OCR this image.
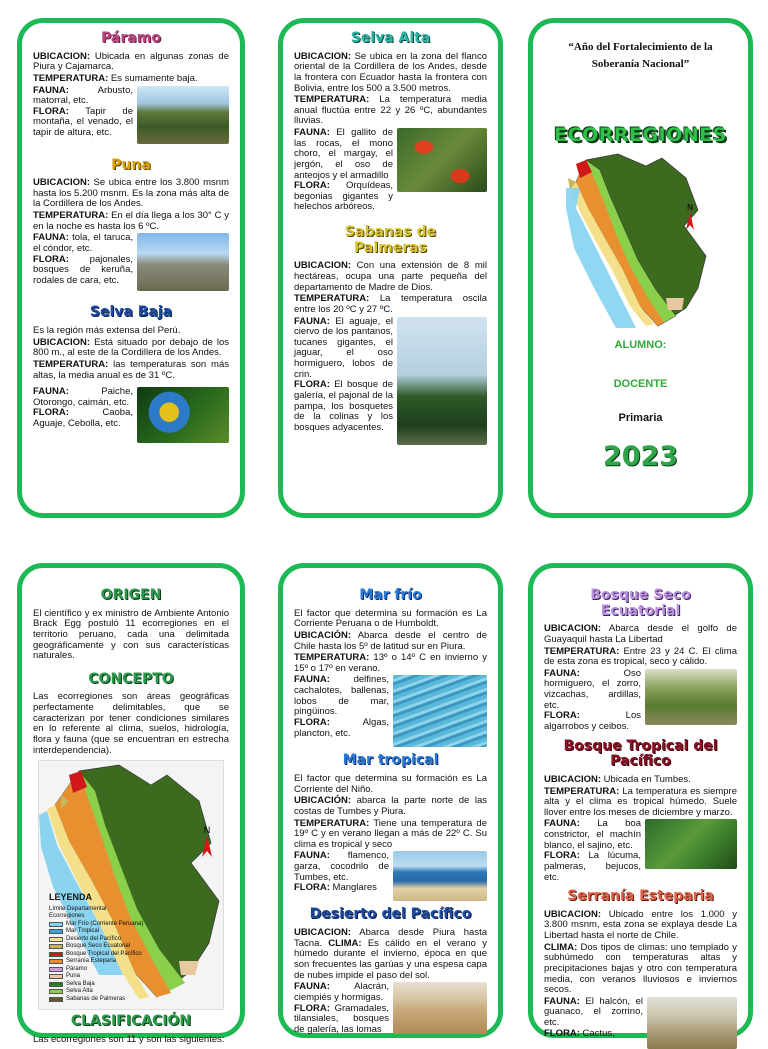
Páramo

UBICACION: Ubicada en algunas zonas de Piura y Cajamarca.

TEMPERATURA: Es sumamente baja.

FAUNA: Arbusto, matorral, etc.

FLORA: Tapir de montaña, el venado, el tapir de altura, etc.

Puna

UBICACION: Se ubica entre los 3.800 msnm hasta los 5.200 msnm. Es la zona más alta de la Cordillera de los Andes.

TEMPERATURA: En el día llega a los 30° C y en la noche es hasta los 6 ºC.

FAUNA: tola, el taruca, el cóndor, etc.

FLORA: pajonales, bosques de keruña, rodales de cara, etc.

Selva Baja

Es la región más extensa del Perú.

UBICACION: Está situado por debajo de los 800 m., al este de la Cordillera de los Andes.

TEMPERATURA: las temperaturas son más altas, la media anual es de 31 ºC.

FAUNA: Paiche, Otorongo, caimán, etc.

FLORA: Caoba, Aguaje, Cebolla, etc.

Selva Alta

UBICACION: Se ubica en la zona del flanco oriental de la Cordillera de los Andes, desde la frontera con Ecuador hasta la frontera con Bolivia, entre los 500 a 3.500 metros.

TEMPERATURA: La temperatura media anual fluctúa entre 22 y 26 ºC, abundantes lluvias.

FAUNA: El gallito de las rocas, el mono choro, el margay, el jergón, el oso de anteojos y el armadillo

FLORA: Orquídeas, begonias gigantes y helechos arbóreos.

Sabanas de
Palmeras

UBICACION: Con una extensión de 8 mil hectáreas, ocupa una parte pequeña del departamento de Madre de Dios.

TEMPERATURA: La temperatura oscila entre los 20 ºC y 27 ºC.

FAUNA: El aguaje, el ciervo de los pantanos, tucanes gigantes, el jaguar, el oso hormiguero, lobos de crin.

FLORA: El bosque de galería, el pajonal de la pampa, los bosquetes de la colinas y los bosques adyacentes.

“Año del Fortalecimiento de la
Soberanía Nacional”
ECORREGIONES
N
ALUMNO:
DOCENTE
Primaria
2023
ORIGEN

El científico y ex ministro de Ambiente Antonio Brack Egg postuló 11 ecorregiones en el territorio peruano, cada una delimitada geográficamente y con sus características naturales.

CONCEPTO

Las ecorregiones son áreas geográficas perfectamente delimitables, que se caracterizan por tener condiciones similares en lo referente al clima, suelos, hidrología, flora y fauna (que se encuentran en estrecha interdependencia).

N
LEYENDA
Límite Departamental
Ecorregiones
Mar Frío (Corriente Peruana)
Mar Tropical
Desierto del Pacífico
Bosque Seco Ecuatorial
Bosque Tropical del Pacífico
Serranía Esteparia
Páramo
Puna
Selva Baja
Selva Alta
Sabanas de Palmeras
CLASIFICACIÓN

Las ecorregiones son 11 y son las siguientes:

Mar frío

El factor que determina su formación es La Corriente Peruana o de Humboldt.

UBICACIÓN: Abarca desde el centro de Chile hasta los 5º de latitud sur en Piura.

TEMPERATURA: 13º o 14º C en invierno y 15º o 17º en verano.

FAUNA: delfines, cachalotes, ballenas, lobos de mar, pingüinos.

FLORA: Algas, plancton, etc.

Mar tropical

El factor que determina su formación es La Corriente del Niño.

UBICACIÓN: abarca la parte norte de las costas de Tumbes y Piura.

TEMPERATURA: Tiene una temperatura de 19º C y en verano llegan a más de 22º C. Su clima es tropical y seco

FAUNA: flamenco, garza, cocodrilo de Tumbes, etc.

FLORA: Manglares

Desierto del Pacífico

UBICACION: Abarca desde Piura hasta Tacna. CLIMA: Es cálido en el verano y húmedo durante el invierno, época en que son frecuentes las garúas y una espesa capa de nubes impide el paso del sol.

FAUNA: Alacrán, ciempiés y hormigas.

FLORA: Gramadales, tilansiales, bosques de galería, las lomas

Bosque Seco
Ecuatorial

UBICACION: Abarca desde el golfo de Guayaquil hasta La Libertad

TEMPERATURA: Entre 23 y 24 C. El clima de esta zona es tropical, seco y cálido.

FAUNA: Oso hormiguero, el zorro, vizcachas, ardillas, etc.

FLORA: Los algarrobos y ceibos.

Bosque Tropical del
Pacífico

UBICACION: Ubicada en Tumbes.

TEMPERATURA: La temperatura es siempre alta y el clima es tropical húmedo. Suele llover entre los meses de diciembre y marzo.

FAUNA: La boa constrictor, el machín blanco, el sajino, etc.

FLORA: La lúcuma, palmeras, bejucos, etc.

Serranía Esteparia

UBICACION: Ubicado entre los 1.000 y 3.800 msnm, esta zona se explaya desde La Libertad hasta el norte de Chile.

CLIMA: Dos tipos de climas: uno templado y subhúmedo con temperaturas altas y precipitaciones bajas y otro con temperatura media, con veranos lluviosos e inviernos secos.

FAUNA: El halcón, el guanaco, el zorrino, etc.

FLORA: Cactus,
